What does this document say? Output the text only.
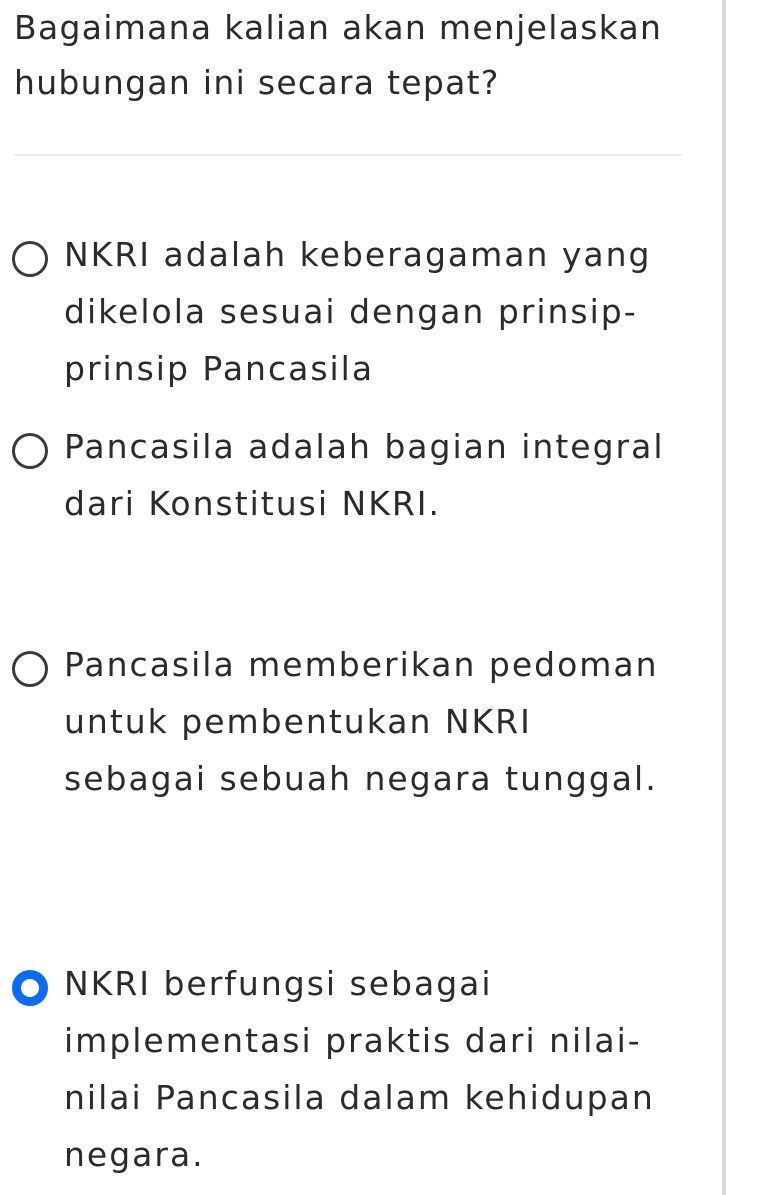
Bagaimana kalian akan menjelaskan hubungan ini secara tepat?
NKRI adalah keberagaman yang dikelola sesuai dengan prinsip-prinsip Pancasila
Pancasila adalah bagian integral dari Konstitusi NKRI.
Pancasila memberikan pedoman untuk pembentukan NKRI sebagai sebuah negara tunggal.
NKRI berfungsi sebagai implementasi praktis dari nilai-nilai Pancasila dalam kehidupan negara.
